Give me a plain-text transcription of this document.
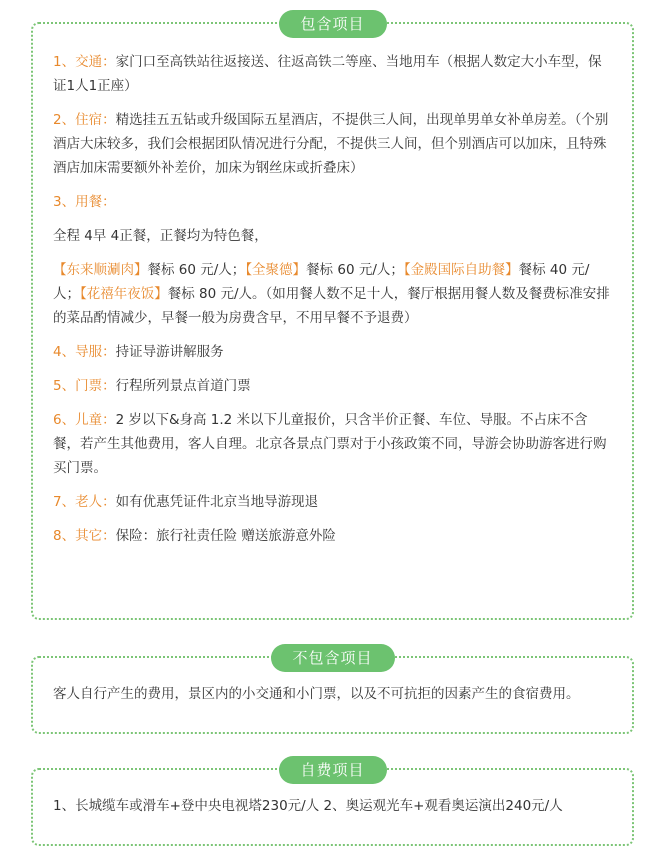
包含项目

1、交通：家门口至高铁站往返接送、往返高铁二等座、当地用车（根据人数定大小车型，保证1人1正座）

2、住宿：精选挂五五钻或升级国际五星酒店，不提供三人间，出现单男单女补单房差。（个别酒店大床较多，我们会根据团队情况进行分配，不提供三人间，但个别酒店可以加床，且特殊酒店加床需要额外补差价，加床为钢丝床或折叠床）

3、用餐：

全程 4早 4正餐，正餐均为特色餐，

【东来顺涮肉】餐标 60 元/人；【全聚德】餐标 60 元/人；【金殿国际自助餐】餐标 40 元/人；【花禧年夜饭】餐标 80 元/人。（如用餐人数不足十人，餐厅根据用餐人数及餐费标准安排的菜品酌情减少，早餐一般为房费含早，不用早餐不予退费）

4、导服：持证导游讲解服务

5、门票：行程所列景点首道门票

6、儿童：2 岁以下&身高 1.2 米以下儿童报价，只含半价正餐、车位、导服。不占床不含餐，若产生其他费用，客人自理。北京各景点门票对于小孩政策不同，导游会协助游客进行购买门票。

7、老人：如有优惠凭证件北京当地导游现退

8、其它：保险：旅行社责任险 赠送旅游意外险

不包含项目

客人自行产生的费用，景区内的小交通和小门票，以及不可抗拒的因素产生的食宿费用。

自费项目

1、长城缆车或滑车+登中央电视塔230元/人 2、奥运观光车+观看奥运演出240元/人
